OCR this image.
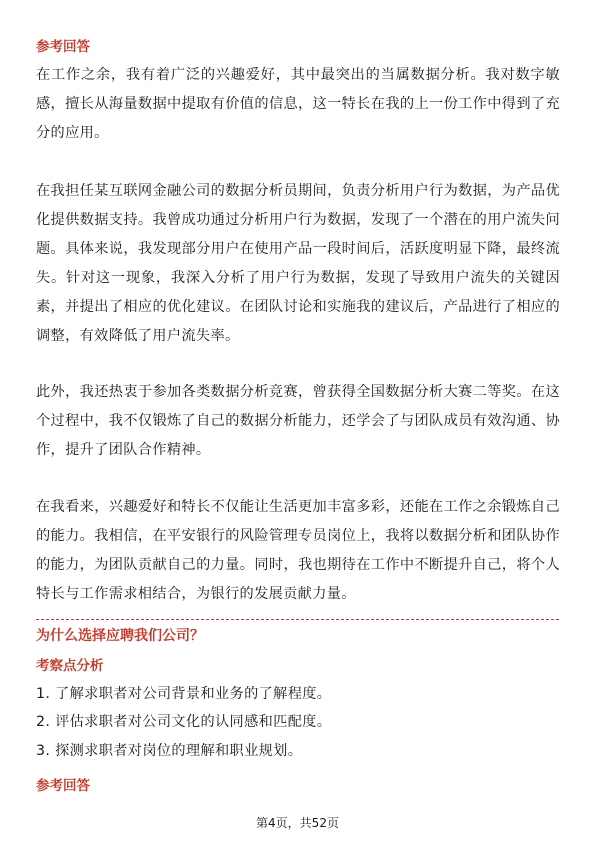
参考回答

在工作之余，我有着广泛的兴趣爱好，其中最突出的当属数据分析。我对数字敏感，擅长从海量数据中提取有价值的信息，这一特长在我的上一份工作中得到了充分的应用。

在我担任某互联网金融公司的数据分析员期间，负责分析用户行为数据，为产品优化提供数据支持。我曾成功通过分析用户行为数据，发现了一个潜在的用户流失问题。具体来说，我发现部分用户在使用产品一段时间后，活跃度明显下降，最终流失。针对这一现象，我深入分析了用户行为数据，发现了导致用户流失的关键因素，并提出了相应的优化建议。在团队讨论和实施我的建议后，产品进行了相应的调整，有效降低了用户流失率。

此外，我还热衷于参加各类数据分析竞赛，曾获得全国数据分析大赛二等奖。在这个过程中，我不仅锻炼了自己的数据分析能力，还学会了与团队成员有效沟通、协作，提升了团队合作精神。

在我看来，兴趣爱好和特长不仅能让生活更加丰富多彩，还能在工作之余锻炼自己的能力。我相信，在平安银行的风险管理专员岗位上，我将以数据分析和团队协作的能力，为团队贡献自己的力量。同时，我也期待在工作中不断提升自己，将个人特长与工作需求相结合，为银行的发展贡献力量。

为什么选择应聘我们公司？
考察点分析

1. 了解求职者对公司背景和业务的了解程度。

2. 评估求职者对公司文化的认同感和匹配度。

3. 探测求职者对岗位的理解和职业规划。

参考回答
第4页，共52页
